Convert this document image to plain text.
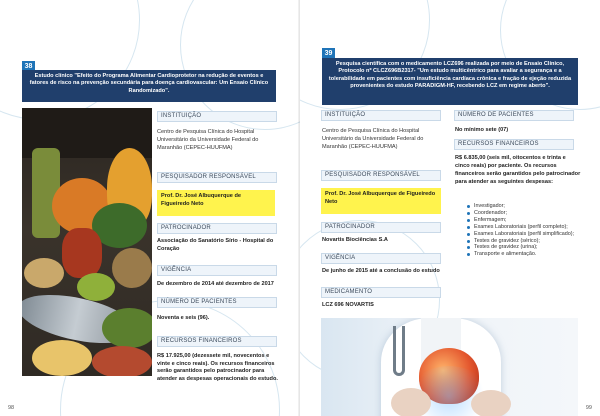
38
Estudo clínico "Efeito do Programa Alimentar Cardioprotetor na redução de eventos e fatores de risco na prevenção secundária para doença cardiovascular: Um Ensaio Clínico Randomizado".
INSTITUIÇÃO
Centro de Pesquisa Clínica do Hospital Universitário da Universidade Federal do Maranhão (CEPEC-HUUFMA)
PESQUISADOR RESPONSÁVEL
Prof. Dr. José Albuquerque de Figueiredo Neto
PATROCINADOR
Associação do Sanatório Sírio - Hospital do Coração
VIGÊNCIA
De dezembro de 2014 até dezembro de 2017
NÚMERO DE PACIENTES
Noventa e seis (96).
RECURSOS FINANCEIROS
R$ 17.925,00 (dezessete mil, novecentos e vinte e cinco reais). Os recursos financeiros serão garantidos pelo patrocinador para atender as despesas operacionais do estudo.
98
39
Pesquisa científica com o medicamento LCZ696 realizada por meio de Ensaio Clínico, Protocolo nº CLCZ696B2317- "Um estudo multicêntrico para avaliar a segurança e a tolerabilidade em pacientes com insuficiência cardíaca crônica e fração de ejeção reduzida provenientes do estudo PARADIGM-HF, recebendo LCZ em regime aberto".
INSTITUIÇÃO
Centro de Pesquisa Clínica do Hospital Universitário da Universidade Federal do Maranhão (CEPEC-HUUFMA)
PESQUISADOR RESPONSÁVEL
Prof. Dr. José Albuquerque de Figueiredo Neto
PATROCINADOR
Novartis Biociências S.A
VIGÊNCIA
De junho de 2015 até a conclusão do estudo
MEDICAMENTO
LCZ 696 NOVARTIS
NÚMERO DE PACIENTES
No mínimo sete (07)
RECURSOS FINANCEIROS
R$ 6.835,00 (seis mil, oitocentos e trinta e cinco reais) por paciente. Os recursos financeiros serão garantidos pelo patrocinador para atender as seguintes despesas:
Investigador;
Coordenador;
Enfermagem;
Exames Laboratoriais (perfil completo);
Exames Laboratoriais (perfil simplificado);
Testes de gravidez (sérico);
Testes de gravidez (urina);
Transporte e alimentação.
99
